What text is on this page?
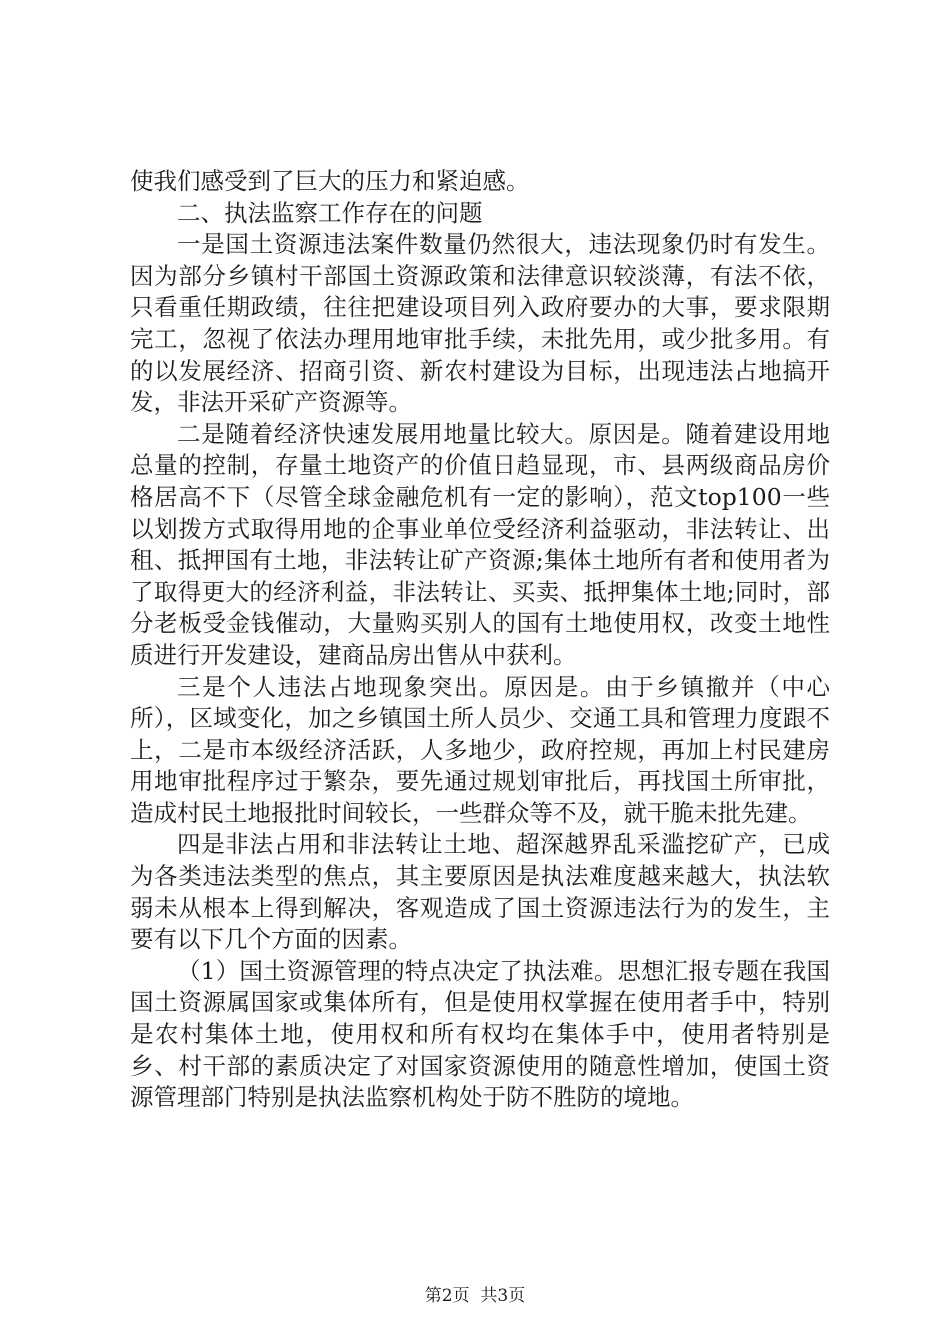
使我们感受到了巨大的压力和紧迫感。

二、执法监察工作存在的问题

一是国土资源违法案件数量仍然很大，违法现象仍时有发生。因为部分乡镇村干部国土资源政策和法律意识较淡薄，有法不依，只看重任期政绩，往往把建设项目列入政府要办的大事，要求限期完工，忽视了依法办理用地审批手续，未批先用，或少批多用。有的以发展经济、招商引资、新农村建设为目标，出现违法占地搞开发，非法开采矿产资源等。

二是随着经济快速发展用地量比较大。原因是。随着建设用地总量的控制，存量土地资产的价值日趋显现，市、县两级商品房价格居高不下（尽管全球金融危机有一定的影响），范文top100一些以划拨方式取得用地的企事业单位受经济利益驱动，非法转让、出租、抵押国有土地，非法转让矿产资源;集体土地所有者和使用者为了取得更大的经济利益，非法转让、买卖、抵押集体土地;同时，部分老板受金钱催动，大量购买别人的国有土地使用权，改变土地性质进行开发建设，建商品房出售从中获利。

三是个人违法占地现象突出。原因是。由于乡镇撤并（中心所），区域变化，加之乡镇国土所人员少、交通工具和管理力度跟不上，二是市本级经济活跃，人多地少，政府控规，再加上村民建房用地审批程序过于繁杂，要先通过规划审批后，再找国土所审批，造成村民土地报批时间较长，一些群众等不及，就干脆未批先建。

四是非法占用和非法转让土地、超深越界乱采滥挖矿产，已成为各类违法类型的焦点，其主要原因是执法难度越来越大，执法软弱未从根本上得到解决，客观造成了国土资源违法行为的发生，主要有以下几个方面的因素。

（1）国土资源管理的特点决定了执法难。思想汇报专题在我国国土资源属国家或集体所有，但是使用权掌握在使用者手中，特别是农村集体土地，使用权和所有权均在集体手中，使用者特别是乡、村干部的素质决定了对国家资源使用的随意性增加，使国土资源管理部门特别是执法监察机构处于防不胜防的境地。

第2页  共3页
